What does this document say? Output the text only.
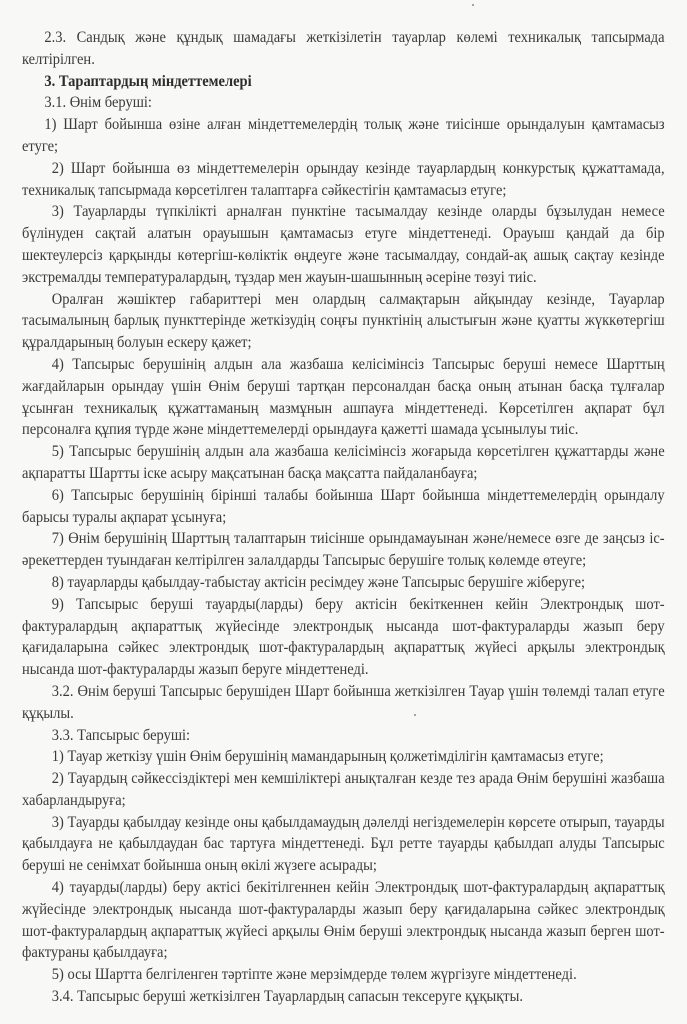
2.3. Сандық және құндық шамадағы жеткізілетін тауарлар көлемі техникалық тапсырмада келтірілген.

3. Тараптардың міндеттемелері

3.1. Өнім беруші:

1) Шарт бойынша өзіне алған міндеттемелердің толық және тиісінше орындалуын қамтамасыз етуге;

2) Шарт бойынша өз міндеттемелерін орындау кезінде тауарлардың конкурстық құжаттамада, техникалық тапсырмада көрсетілген талаптарға сәйкестігін қамтамасыз етуге;

3) Тауарларды түпкілікті арналған пунктіне тасымалдау кезінде оларды бұзылудан немесе бүлінуден сақтай алатын орауышын қамтамасыз етуге міндеттенеді. Орауыш қандай да бір шектеулерсіз қарқынды көтергіш-көліктік өңдеуге және тасымалдау, сондай-ақ ашық сақтау кезінде экстремалды температуралардың, тұздар мен жауын-шашынның әсеріне төзуі тиіс.

Оралған жәшіктер габариттері мен олардың салмақтарын айқындау кезінде, Тауарлар тасымалының барлық пункттерінде жеткізудің соңғы пунктінің алыстығын және қуатты жүккөтергіш құралдарының болуын ескеру қажет;

4) Тапсырыс берушінің алдын ала жазбаша келісімінсіз Тапсырыс беруші немесе Шарттың жағдайларын орындау үшін Өнім беруші тартқан персоналдан басқа оның атынан басқа тұлғалар ұсынған техникалық құжаттаманың мазмұнын ашпауға міндеттенеді. Көрсетілген ақпарат бұл персоналға құпия түрде және міндеттемелерді орындауға қажетті шамада ұсынылуы тиіс.

5) Тапсырыс берушінің алдын ала жазбаша келісімінсіз жоғарыда көрсетілген құжаттарды және ақпаратты Шартты іске асыру мақсатынан басқа мақсатта пайдаланбауға;

6) Тапсырыс берушінің бірінші талабы бойынша Шарт бойынша міндеттемелердің орындалу барысы туралы ақпарат ұсынуға;

7) Өнім берушінің Шарттың талаптарын тиісінше орындамауынан және/немесе өзге де заңсыз іс-әрекеттерден туындаған келтірілген залалдарды Тапсырыс берушіге толық көлемде өтеуге;

8) тауарларды қабылдау-табыстау актісін ресімдеу және Тапсырыс берушіге жіберуге;

9) Тапсырыс беруші тауарды(ларды) беру актісін бекіткеннен кейін Электрондық шот-фактуралардың ақпараттық жүйесінде электрондық нысанда шот-фактураларды жазып беру қағидаларына сәйкес электрондық шот-фактуралардың ақпараттық жүйесі арқылы электрондық нысанда шот-фактураларды жазып беруге міндеттенеді.

3.2. Өнім беруші Тапсырыс берушіден Шарт бойынша жеткізілген Тауар үшін төлемді талап етуге құқылы.

3.3. Тапсырыс беруші:

1) Тауар жеткізу үшін Өнім берушінің мамандарының қолжетімділігін қамтамасыз етуге;

2) Тауардың сәйкессіздіктері мен кемшіліктері анықталған кезде тез арада Өнім берушіні жазбаша хабарландыруға;

3) Тауарды қабылдау кезінде оны қабылдамаудың дәлелді негіздемелерін көрсете отырып, тауарды қабылдауға не қабылдаудан бас тартуға міндеттенеді. Бұл ретте тауарды қабылдап алуды Тапсырыс беруші не сенімхат бойынша оның өкілі жүзеге асырады;

4) тауарды(ларды) беру актісі бекітілгеннен кейін Электрондық шот-фактуралардың ақпараттық жүйесінде электрондық нысанда шот-фактураларды жазып беру қағидаларына сәйкес электрондық шот-фактуралардың ақпараттық жүйесі арқылы Өнім беруші электрондық нысанда жазып берген шот-фактураны қабылдауға;

5) осы Шартта белгіленген тәртіпте және мерзімдерде төлем жүргізуге міндеттенеді.

3.4. Тапсырыс беруші жеткізілген Тауарлардың сапасын тексеруге құқықты.
